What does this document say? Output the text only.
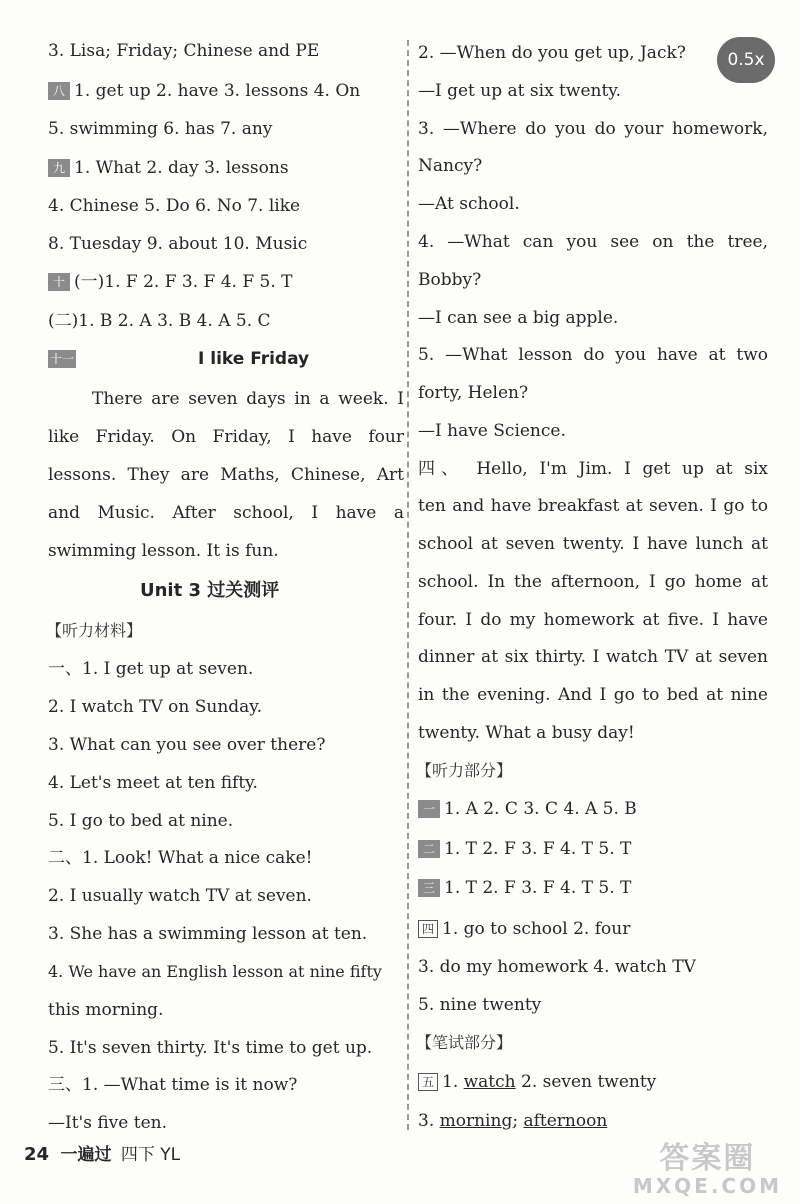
0.5x
3. Lisa; Friday; Chinese and PE
八 1. get up 2. have 3. lessons 4. On
5. swimming 6. has 7. any
九 1. What 2. day 3. lessons
4. Chinese 5. Do 6. No 7. like
8. Tuesday 9. about 10. Music
十 (一)1. F 2. F 3. F 4. F 5. T
(二)1. B 2. A 3. B 4. A 5. C
十一	I like Friday
There are seven days in a week. I
like Friday. On Friday, I have four
lessons. They are Maths, Chinese, Art
and Music. After school, I have a
swimming lesson. It is fun.
Unit 3 过关测评
【听力材料】
一、1. I get up at seven.
2. I watch TV on Sunday.
3. What can you see over there?
4. Let's meet at ten fifty.
5. I go to bed at nine.
二、1. Look! What a nice cake!
2. I usually watch TV at seven.
3. She has a swimming lesson at ten.
4. We have an English lesson at nine fifty
this morning.
5. It's seven thirty. It's time to get up.
三、1. —What time is it now?
—It's five ten.
2. —When do you get up, Jack?
—I get up at six twenty.
3. —Where do you do your homework,
Nancy?
—At school.
4. —What can you see on the tree,
Bobby?
—I can see a big apple.
5. —What lesson do you have at two
forty, Helen?
—I have Science.
四、 Hello, I'm Jim. I get up at six
ten and have breakfast at seven. I go to
school at seven twenty. I have lunch at
school. In the afternoon, I go home at
four. I do my homework at five. I have
dinner at six thirty. I watch TV at seven
in the evening. And I go to bed at nine
twenty. What a busy day!
【听力部分】
一 1. A 2. C 3. C 4. A 5. B
二 1. T 2. F 3. F 4. T 5. T
三 1. T 2. F 3. F 4. T 5. T
四 1. go to school 2. four
3. do my homework 4. watch TV
5. nine twenty
【笔试部分】
五 1. watch 2. seven twenty
3. morning; afternoon
24 一遍过 四下 YL	答案圈
MXQE.COM
